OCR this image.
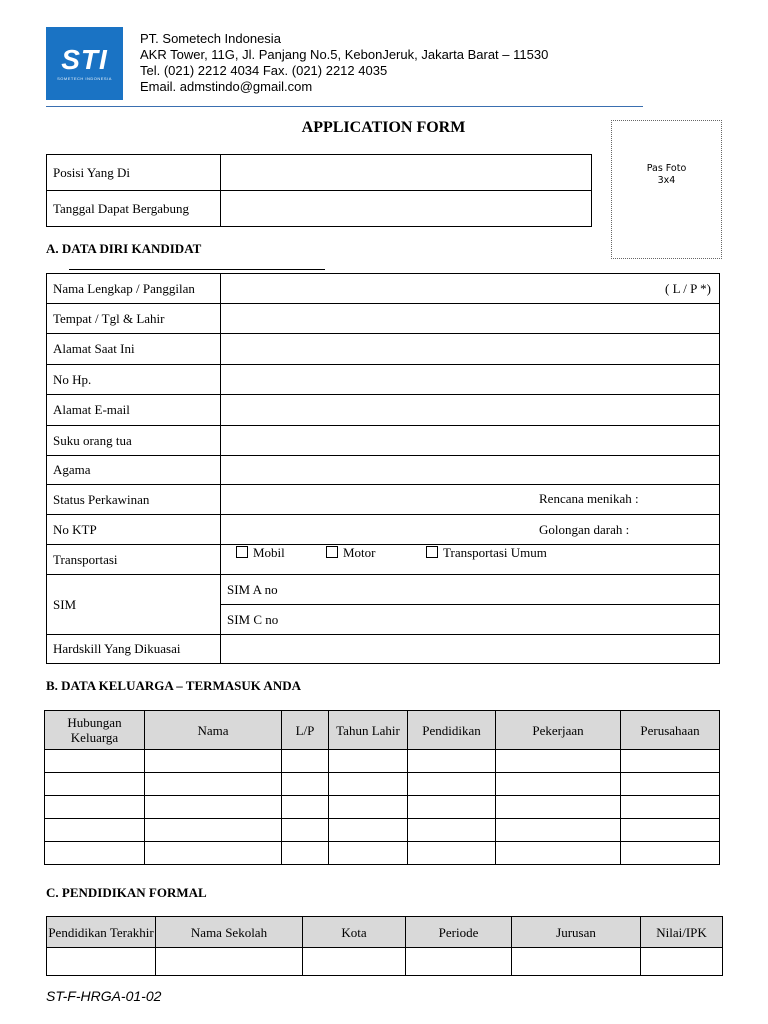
STI
SOMETECH INDONESIA
PT. Sometech Indonesia
AKR Tower, 11G, Jl. Panjang No.5, KebonJeruk, Jakarta Barat – 11530
Tel. (021) 2212 4034 Fax. (021) 2212 4035
Email. admstindo@gmail.com
APPLICATION FORM
Pas Foto
3x4
Posisi Yang Di	
Tanggal Dapat Bergabung	
A. DATA DIRI KANDIDAT
Nama Lengkap / Panggilan	( L / P *)
Tempat / Tgl & Lahir	
Alamat Saat Ini	
No Hp.	
Alamat E-mail	
Suku orang tua	
Agama	
Status Perkawinan	Rencana menikah :

No KTP	Golongan darah :

Transportasi	Mobil Motor Transportasi Umum

SIM	SIM A no
	SIM C no
Hardskill Yang Dikuasai	
B. DATA KELUARGA – TERMASUK ANDA
Hubungan Keluarga	Nama	L/P	Tahun Lahir	Pendidikan	Pekerjaan	Perusahaan

C. PENDIDIKAN FORMAL
Pendidikan Terakhir	Nama Sekolah	Kota	Periode	Jurusan	Nilai/IPK

ST-F-HRGA-01-02
